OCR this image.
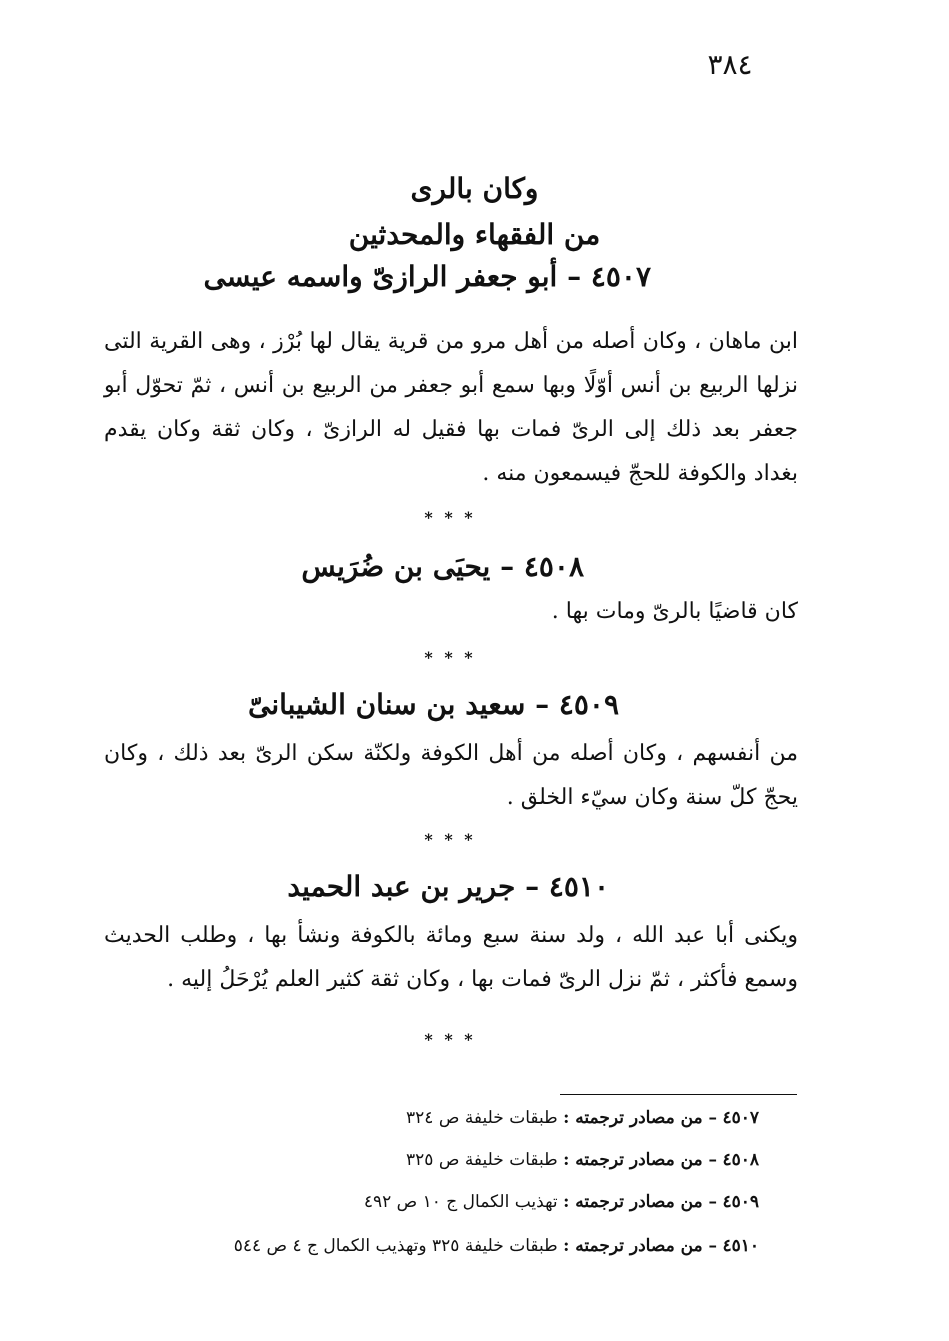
٣٨٤
وكان بالرى
من الفقهاء والمحدثين
٤٥٠٧ – أبو جعفر الرازىّ واسمه عيسى
ابن ماهان ، وكان أصله من أهل مرو من قرية يقال لها بُرْز ، وهى القرية التى نزلها الربيع بن أنس أوّلًا وبها سمع أبو جعفر من الربيع بن أنس ، ثمّ تحوّل أبو جعفر بعد ذلك إلى الرىّ فمات بها فقيل له الرازىّ ، وكان ثقة وكان يقدم بغداد والكوفة للحجّ فيسمعون منه .
* * *
٤٥٠٨ – يحيَى بن ضُرَيس
كان قاضيًا بالرىّ ومات بها .
* * *
٤٥٠٩ – سعيد بن سنان الشيبانىّ
من أنفسهم ، وكان أصله من أهل الكوفة ولكنّة سكن الرىّ بعد ذلك ، وكان يحجّ كلّ سنة وكان سيّء الخلق .
* * *
٤٥١٠ – جرير بن عبد الحميد
ويكنى أبا عبد الله ، ولد سنة سبع ومائة بالكوفة ونشأ بها ، وطلب الحديث وسمع فأكثر ، ثمّ نزل الرىّ فمات بها ، وكان ثقة كثير العلم يُرْحَلُ إليه .
* * *
٤٥٠٧ – من مصادر ترجمته : طبقات خليفة ص ٣٢٤
٤٥٠٨ – من مصادر ترجمته : طبقات خليفة ص ٣٢٥
٤٥٠٩ – من مصادر ترجمته : تهذيب الكمال ج ١٠ ص ٤٩٢
٤٥١٠ – من مصادر ترجمته : طبقات خليفة ٣٢٥ وتهذيب الكمال ج ٤ ص ٥٤٤
